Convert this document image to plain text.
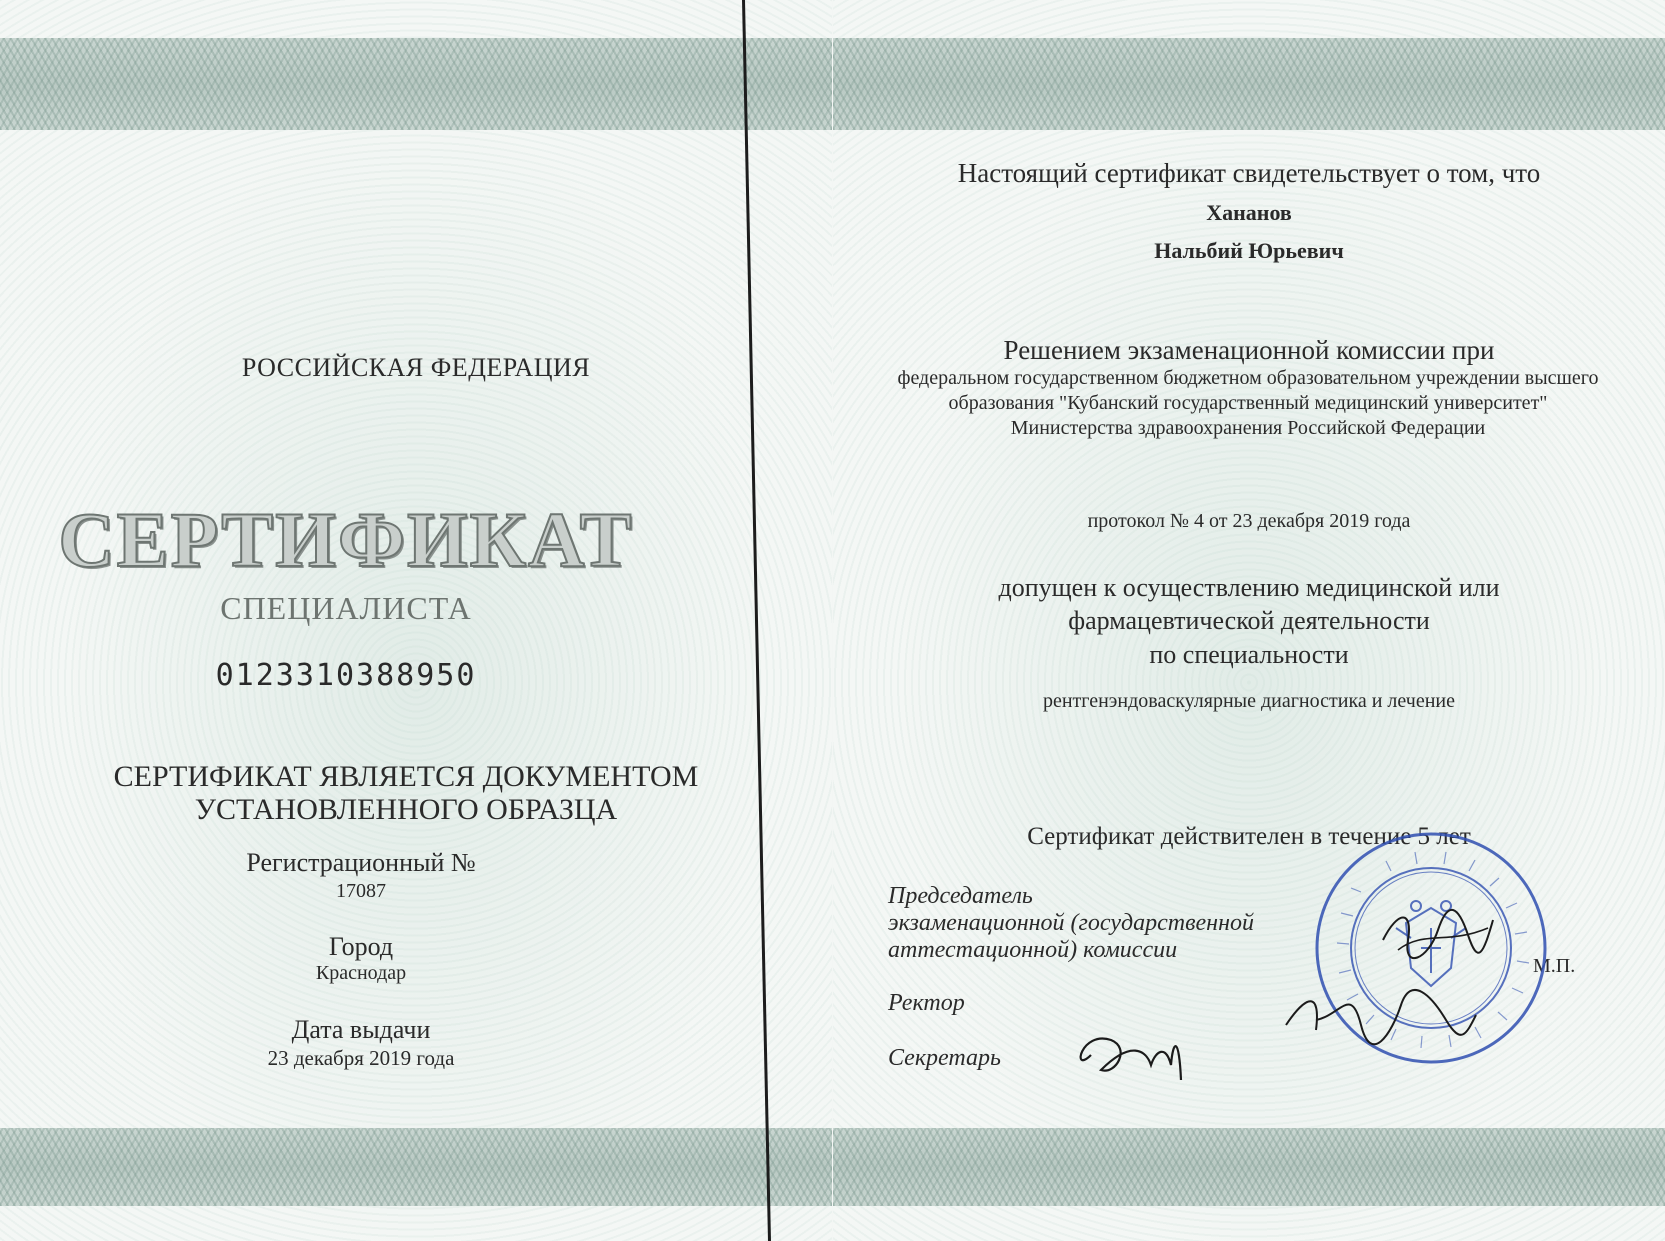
РОССИЙСКАЯ ФЕДЕРАЦИЯ
СЕРТИФИКАТ
СПЕЦИАЛИСТА
0123310388950
СЕРТИФИКАТ ЯВЛЯЕТСЯ ДОКУМЕНТОМ
УСТАНОВЛЕННОГО ОБРАЗЦА
Регистрационный №
17087
Город
Краснодар
Дата выдачи
23 декабря 2019 года
Настоящий сертификат свидетельствует о том, что
Хананов
Нальбий Юрьевич
Решением экзаменационной комиссии при
федеральном государственном бюджетном образовательном учреждении высшего образования "Кубанский государственный медицинский университет" Министерства здравоохранения Российской Федерации
протокол № 4 от 23 декабря 2019 года
допущен к осуществлению медицинской или
фармацевтической деятельности
по специальности
рентгенэндоваскулярные диагностика и лечение
Сертификат действителен в течение 5 лет
Председатель
экзаменационной (государственной
аттестационной) комиссии
Ректор
Секретарь
М.П.
